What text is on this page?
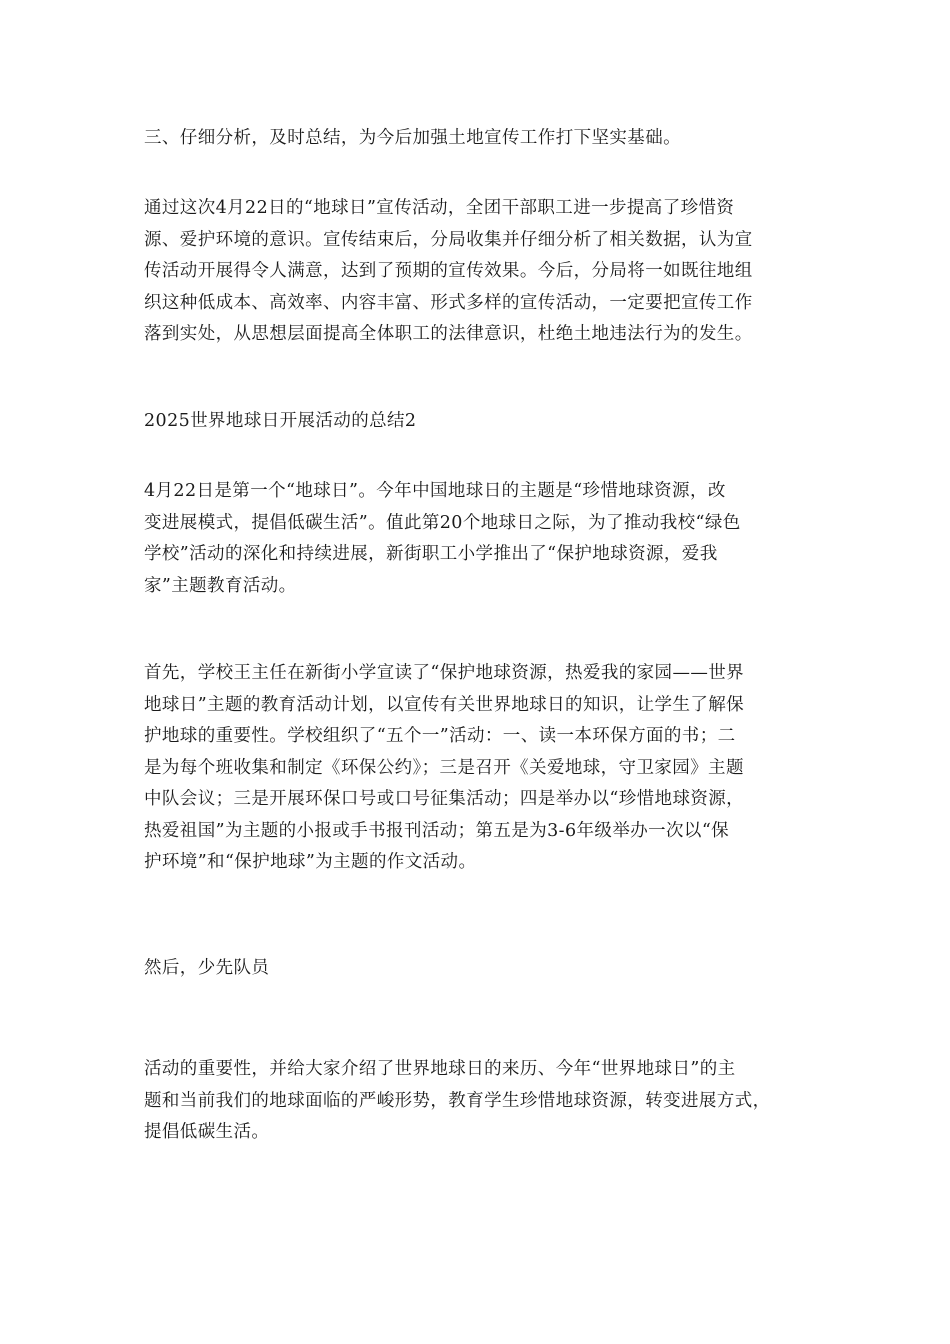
三、仔细分析，及时总结，为今后加强土地宣传工作打下坚实基础。
通过这次4月22日的“地球日”宣传活动，全团干部职工进一步提高了珍惜资
源、爱护环境的意识。宣传结束后，分局收集并仔细分析了相关数据，认为宣
传活动开展得令人满意，达到了预期的宣传效果。今后，分局将一如既往地组
织这种低成本、高效率、内容丰富、形式多样的宣传活动，一定要把宣传工作
落到实处，从思想层面提高全体职工的法律意识，杜绝土地违法行为的发生。
2025世界地球日开展活动的总结2
4月22日是第一个“地球日”。今年中国地球日的主题是“珍惜地球资源，改
变进展模式，提倡低碳生活”。值此第20个地球日之际，为了推动我校“绿色
学校”活动的深化和持续进展，新街职工小学推出了“保护地球资源，爱我
家”主题教育活动。
首先，学校王主任在新街小学宣读了“保护地球资源，热爱我的家园——世界
地球日”主题的教育活动计划，以宣传有关世界地球日的知识，让学生了解保
护地球的重要性。学校组织了“五个一”活动：一、读一本环保方面的书；二
是为每个班收集和制定《环保公约》；三是召开《关爱地球，守卫家园》主题
中队会议；三是开展环保口号或口号征集活动；四是举办以“珍惜地球资源，
热爱祖国”为主题的小报或手书报刊活动；第五是为3-6年级举办一次以“保
护环境”和“保护地球”为主题的作文活动。
然后，少先队员
活动的重要性，并给大家介绍了世界地球日的来历、今年“世界地球日”的主
题和当前我们的地球面临的严峻形势，教育学生珍惜地球资源，转变进展方式，
提倡低碳生活。
